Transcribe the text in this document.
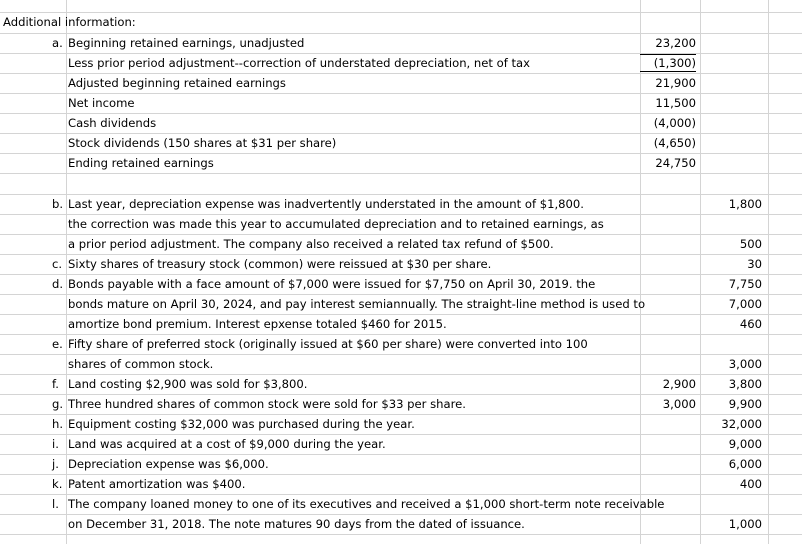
Additional information:
a. Beginning retained earnings, unadjusted	23,200
Less prior period adjustment--correction of understated depreciation, net of tax	(1,300)
Adjusted beginning retained earnings	21,900
Net income	11,500
Cash dividends	(4,000)
Stock dividends (150 shares at $31 per share)	(4,650)
Ending retained earnings	24,750
b. Last year, depreciation expense was inadvertently understated in the amount of $1,800.	1,800
the correction was made this year to accumulated depreciation and to retained earnings, as
a prior period adjustment. The company also received a related tax refund of $500.	500
c. Sixty shares of treasury stock (common) were reissued at $30 per share.	30
d. Bonds payable with a face amount of $7,000 were issued for $7,750 on April 30, 2019. the	7,750
bonds mature on April 30, 2024, and pay interest semiannually. The straight-line method is used to	7,000
amortize bond premium. Interest epxense totaled $460 for 2015.	460
e. Fifty share of preferred stock (originally issued at $60 per share) were converted into 100
shares of common stock.	3,000
f. Land costing $2,900 was sold for $3,800.	2,900	3,800
g. Three hundred shares of common stock were sold for $33 per share.	3,000	9,900
h. Equipment costing $32,000 was purchased during the year.	32,000
i. Land was acquired at a cost of $9,000 during the year.	9,000
j. Depreciation expense was $6,000.	6,000
k. Patent amortization was $400.	400
l. The company loaned money to one of its executives and received a $1,000 short-term note receivable
on December 31, 2018. The note matures 90 days from the dated of issuance.	1,000
